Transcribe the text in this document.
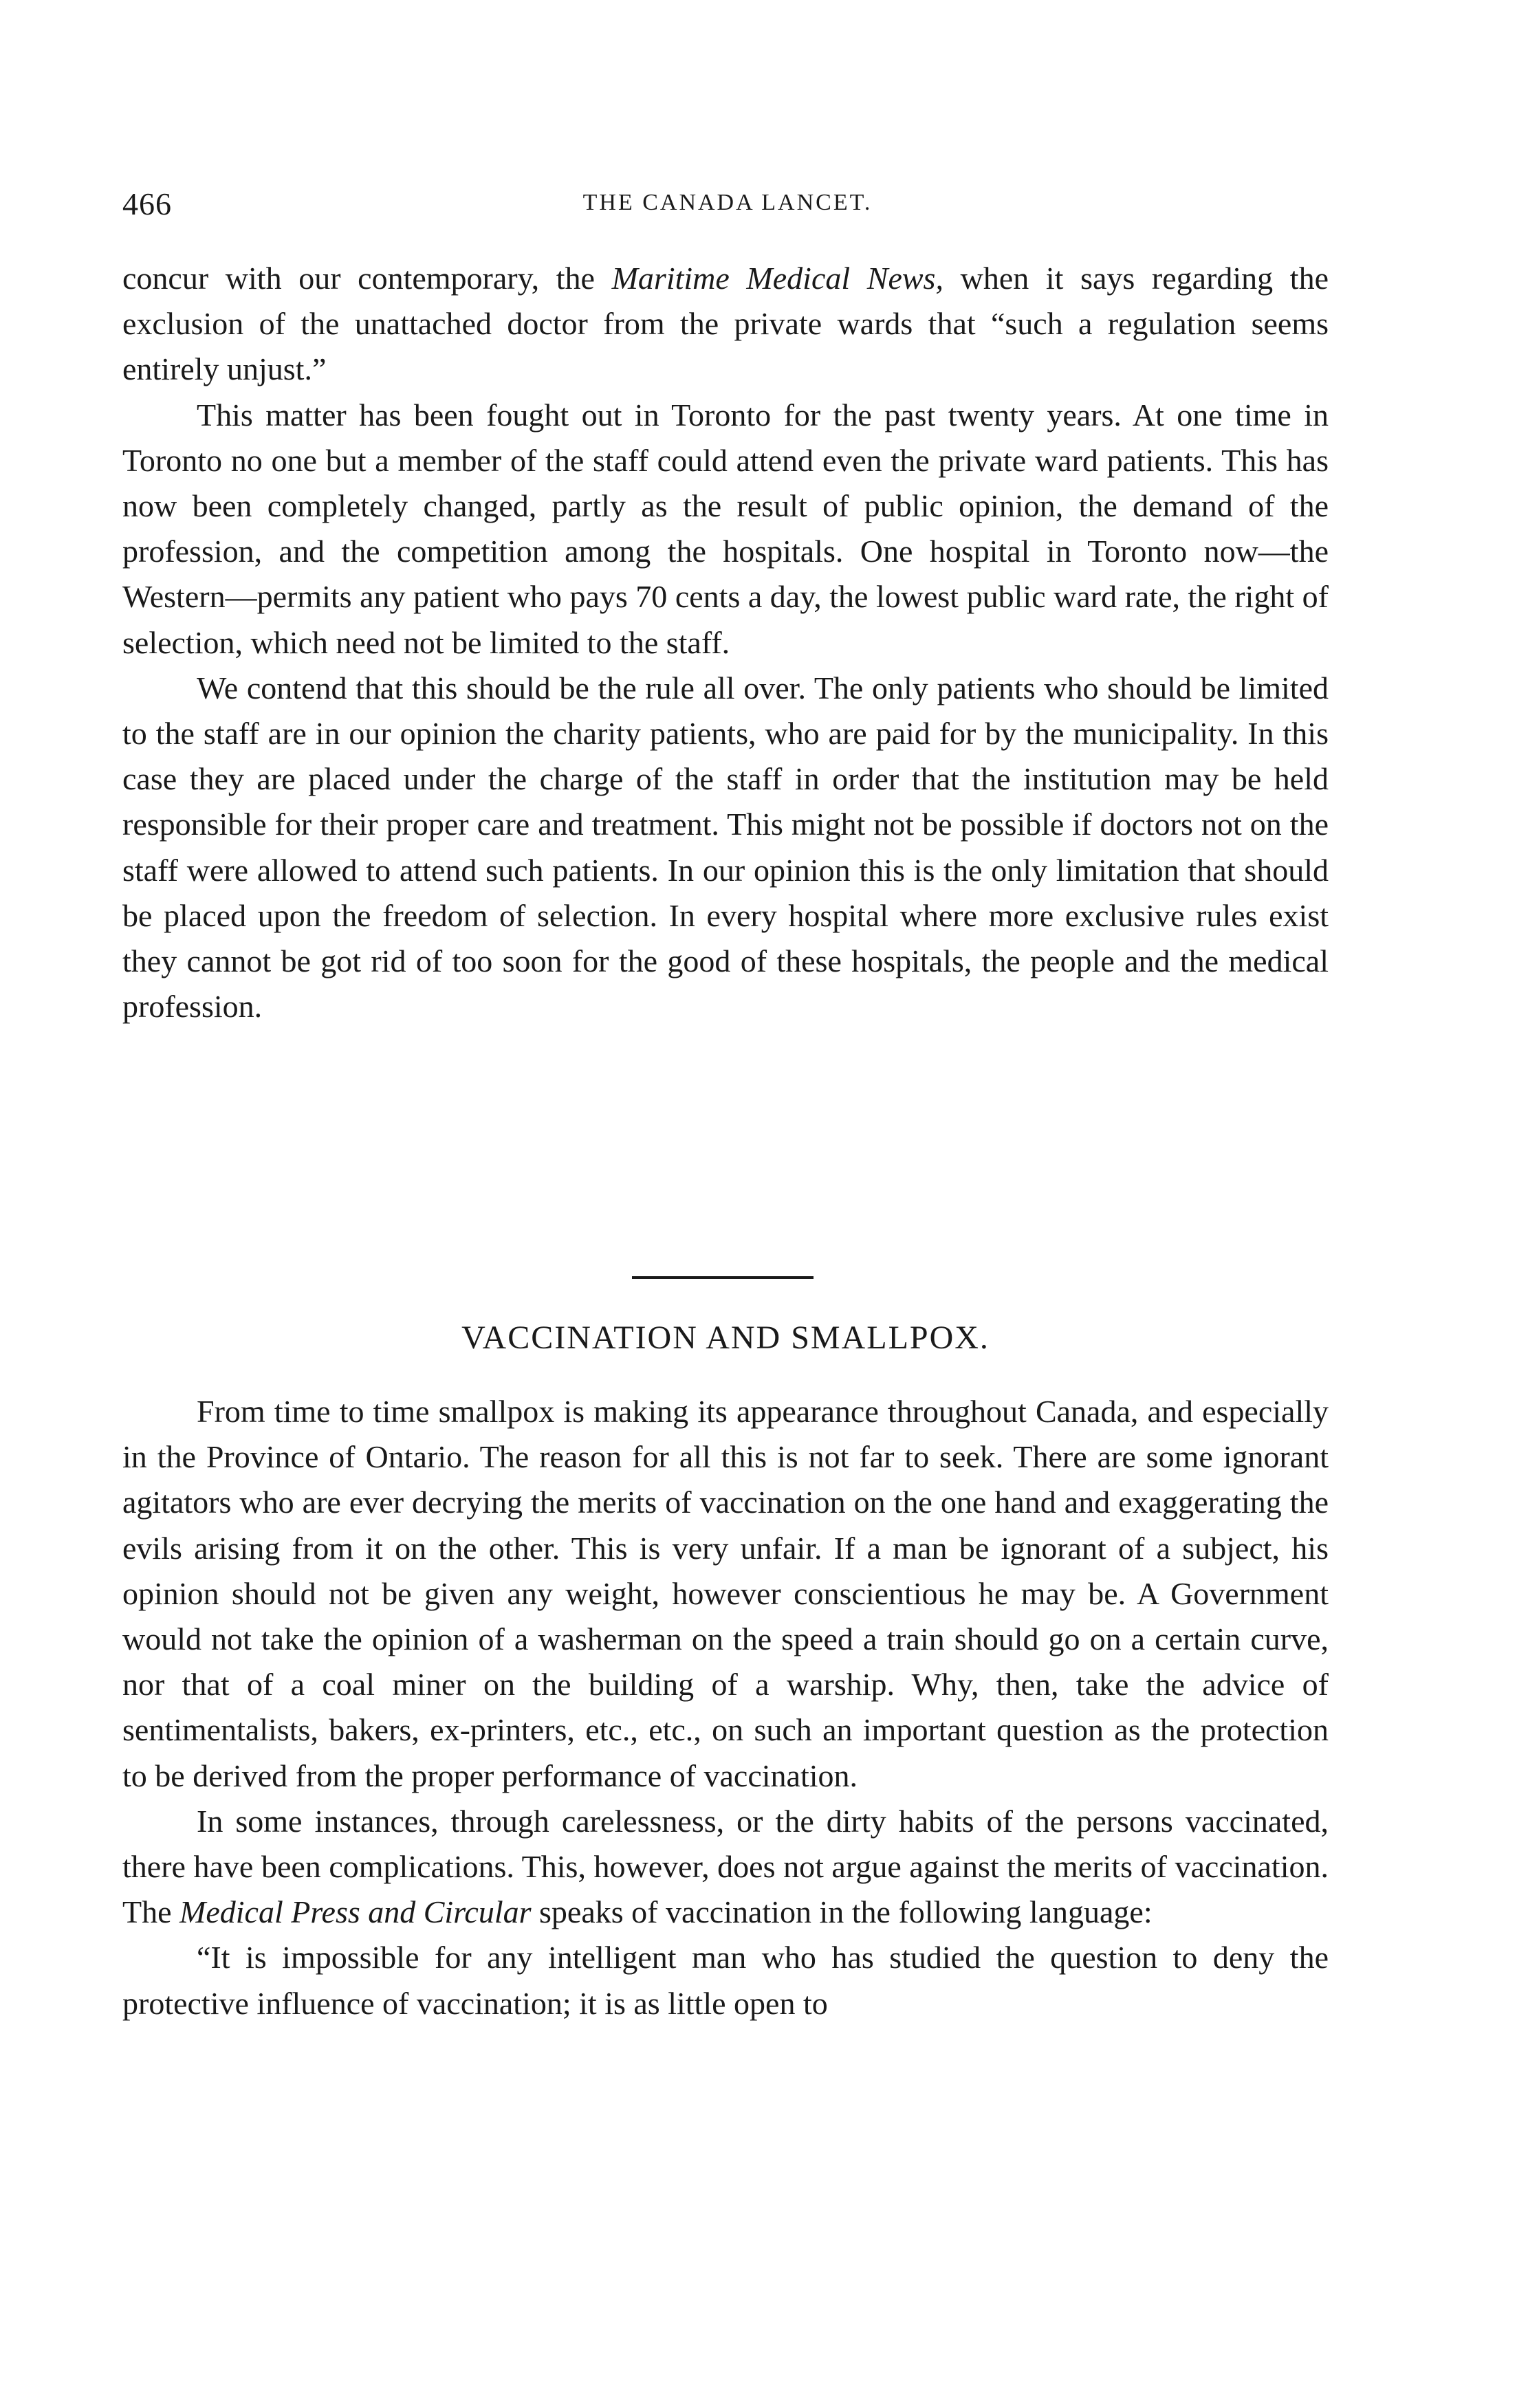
466	THE CANADA LANCET.

concur with our contemporary, the Maritime Medical News, when it says regarding the exclusion of the unattached doctor from the private wards that “such a regulation seems entirely unjust.”

This matter has been fought out in Toronto for the past twenty years. At one time in Toronto no one but a member of the staff could attend even the private ward patients. This has now been completely changed, partly as the result of public opinion, the demand of the profession, and the competition among the hospitals. One hospital in Toronto now—the Western—permits any patient who pays 70 cents a day, the lowest public ward rate, the right of selection, which need not be limited to the staff.

We contend that this should be the rule all over. The only patients who should be limited to the staff are in our opinion the charity patients, who are paid for by the municipality. In this case they are placed under the charge of the staff in order that the institution may be held responsible for their proper care and treatment. This might not be possible if doctors not on the staff were allowed to attend such patients. In our opinion this is the only limitation that should be placed upon the freedom of selection. In every hospital where more exclusive rules exist they cannot be got rid of too soon for the good of these hospitals, the people and the medical profession.

VACCINATION AND SMALLPOX.

From time to time smallpox is making its appearance throughout Canada, and especially in the Province of Ontario. The reason for all this is not far to seek. There are some ignorant agitators who are ever decrying the merits of vaccination on the one hand and exaggerating the evils arising from it on the other. This is very unfair. If a man be ignorant of a subject, his opinion should not be given any weight, however conscientious he may be. A Government would not take the opinion of a washerman on the speed a train should go on a certain curve, nor that of a coal miner on the building of a warship. Why, then, take the advice of sentimentalists, bakers, ex-printers, etc., etc., on such an important question as the protection to be derived from the proper performance of vaccination.

In some instances, through carelessness, or the dirty habits of the persons vaccinated, there have been complications. This, however, does not argue against the merits of vaccination. The Medical Press and Circular speaks of vaccination in the following language:

“It is impossible for any intelligent man who has studied the question to deny the protective influence of vaccination; it is as little open to
